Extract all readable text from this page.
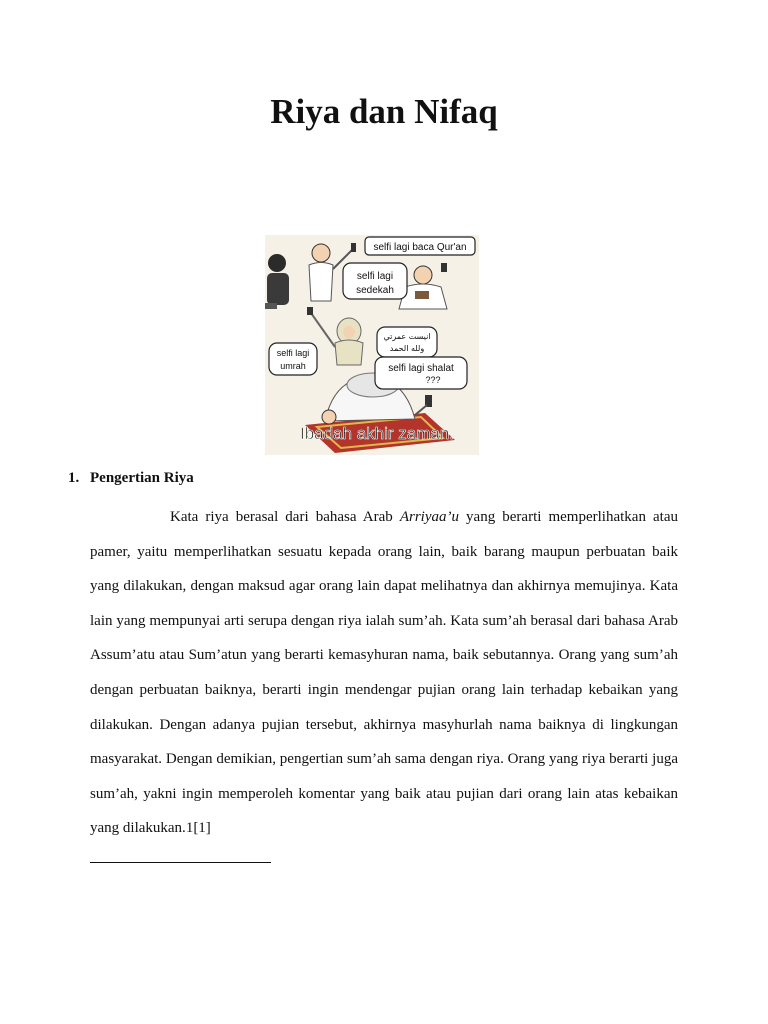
Riya dan Nifaq
selfi lagi baca Qur'an
selfi lagi
sedekah
انيست عمرتي
ولله الحمد
selfi lagi
umrah	selfi lagi shalat
???
Ibadah akhir zaman.
1. Pengertian Riya

Kata riya berasal dari bahasa Arab Arriyaa’u yang berarti memperlihatkan atau pamer, yaitu memperlihatkan sesuatu kepada orang lain, baik barang maupun perbuatan baik yang dilakukan, dengan maksud agar orang lain dapat melihatnya dan akhirnya memujinya. Kata lain yang mempunyai arti serupa dengan riya ialah sum’ah. Kata sum’ah berasal dari bahasa Arab Assum’atu atau Sum’atun yang berarti kemasyhuran nama, baik sebutannya. Orang yang sum’ah dengan perbuatan baiknya, berarti ingin mendengar pujian orang lain terhadap kebaikan yang dilakukan. Dengan adanya pujian tersebut, akhirnya masyhurlah nama baiknya di lingkungan masyarakat. Dengan demikian, pengertian sum’ah sama dengan riya. Orang yang riya berarti juga sum’ah, yakni ingin memperoleh komentar yang baik atau pujian dari orang lain atas kebaikan yang dilakukan.1[1]
